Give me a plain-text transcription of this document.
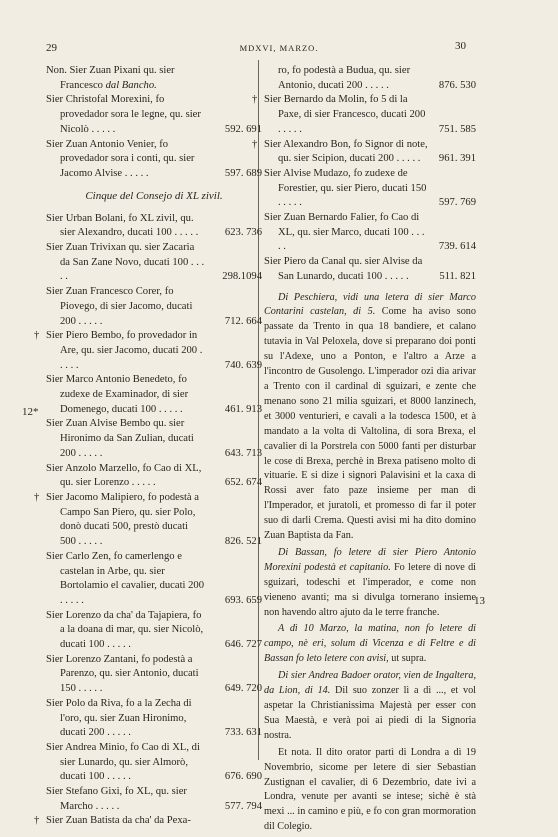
29	MDXVI, MARZO.	30
12*
13
Non. Sier Zuan Pixani qu. sier Francesco dal Bancho.
Sier Christofal Morexini, fo provedador sora le legne, qu. sier Nicolò . . . . .	592. 691
Sier Zuan Antonio Venier, fo provedador sora i conti, qu. sier Jacomo Alvise . . . . .	597. 689
Cinque del Consejo di XL zivil.
Sier Urban Bolani, fo XL zivil, qu. sier Alexandro, ducati 100 . . . . .	623. 736
Sier Zuan Trivixan qu. sier Zacaria da San Zane Novo, ducati 100 . . . . .	298.1094
Sier Zuan Francesco Corer, fo Piovego, di sier Jacomo, ducati 200 . . . . .	712. 664
† Sier Piero Bembo, fo provedador in Are, qu. sier Jacomo, ducati 200 . . . . .	740. 639
Sier Marco Antonio Benedeto, fo zudexe de Examinador, di sier Domenego, ducati 100 . . . . .	461. 913
Sier Zuan Alvise Bembo qu. sier Hironimo da San Zulian, ducati 200 . . . . .	643. 713
Sier Anzolo Marzello, fo Cao di XL, qu. sier Lorenzo . . . . .	652. 674
† Sier Jacomo Malipiero, fo podestà a Campo San Piero, qu. sier Polo, donò ducati 500, prestò ducati 500 . . . . .	826. 521
Sier Carlo Zen, fo camerlengo e castelan in Arbe, qu. sier Bortolamio el cavalier, ducati 200 . . . . .	693. 659
Sier Lorenzo da cha' da Tajapiera, fo a la doana di mar, qu. sier Nicolò, ducati 100 . . . . .	646. 727
Sier Lorenzo Zantani, fo podestà a Parenzo, qu. sier Antonio, ducati 150 . . . . .	649. 720
Sier Polo da Riva, fo a la Zecha di l'oro, qu. sier Zuan Hironimo, ducati 200 . . . . .	733. 631
Sier Andrea Minio, fo Cao di XL, di sier Lunardo, qu. sier Almorò, ducati 100 . . . . .	676. 690
Sier Stefano Gixi, fo XL, qu. sier Marcho . . . . .	577. 794
† Sier Zuan Batista da cha' da Pexa-
ro, fo podestà a Budua, qu. sier Antonio, ducati 200 . . . . .	876. 530
† Sier Bernardo da Molin, fo 5 di la Paxe, di sier Francesco, ducati 200 . . . . .	751. 585
† Sier Alexandro Bon, fo Signor di note, qu. sier Scipion, ducati 200 . . . . .	961. 391
Sier Alvise Mudazo, fo zudexe de Forestier, qu. sier Piero, ducati 150 . . . . .	597. 769
Sier Zuan Bernardo Falier, fo Cao di XL, qu. sier Marco, ducati 100 . . . . .	739. 614
Sier Piero da Canal qu. sier Alvise da San Lunardo, ducati 100 . . . . .	511. 821

Di Peschiera, vidi una letera di sier Marco Contarini castelan, di 5. Come ha aviso sono passate da Trento in qua 18 bandiere, et calano tutavia in Val Peloxela, dove si preparano doi ponti su l'Adexe, uno a Ponton, e l'altro a Arze a l'incontro de Gusolengo. L'imperador ozi dia arivar a Trento con il cardinal di sguizari, e zente che menano sono 21 milia sguizari, et 8000 lanzinech, et 3000 venturieri, e cavali a la todesca 1500, et à mandato a la volta di Valtolina, di sora Brexa, el cavalier di la Porstrela con 5000 fanti per disturbar le cose di Brexa, perchè in Brexa patiseno molto di vituarie. E si dize i signori Palavisini et la caxa di Rossi aver fato paze insieme per man di l'Imperador, et juratoli, et promesso di far il poter suo di darli Crema. Questi avisi mi ha dito domino Zuan Baptista da Fan.

Di Bassan, fo letere di sier Piero Antonio Morexini podestà et capitanio. Fo letere di nove di sguizari, todeschi et l'imperador, e come non vieneno avanti; ma si divulga tornerano insieme non havendo altro ajuto da le terre franche.

A dì 10 Marzo, la matina, non fo letere di campo, nè eri, solum di Vicenza e di Feltre e di Bassan fo leto letere con avisi, ut supra.

Di sier Andrea Badoer orator, vien de Ingaltera, da Lion, di 14. Dil suo zonzer lì a dì ..., et vol aspetar la Christianissima Majestà per esser con Sua Maestà, e verà poi ai piedi di la Signoria nostra.

Et nota. Il dito orator partì di Londra a dì 19 Novembrio, sicome per letere di sier Sebastian Zustignan el cavalier, di 6 Dezembrio, date ivi a Londra, venute per avanti se intese; sichè è stà mexi ... in camino e più, e fo con gran mormoration dil Colegio.
